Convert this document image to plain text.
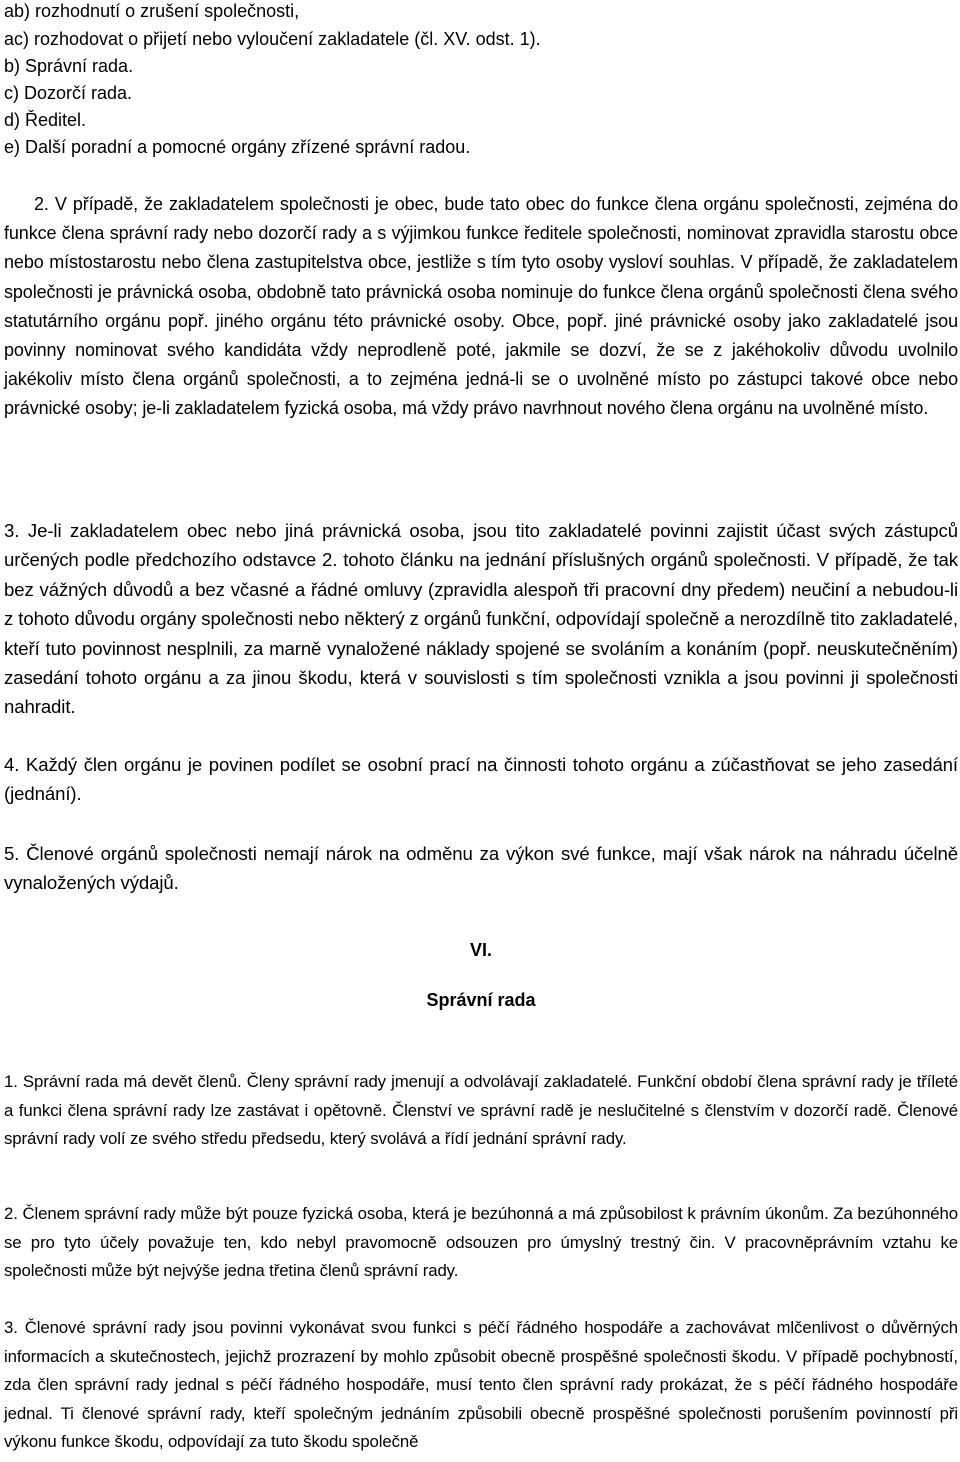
ab) rozhodnutí o zrušení společnosti,

ac) rozhodovat o přijetí nebo vyloučení zakladatele (čl. XV. odst. 1).

b) Správní rada.

c) Dozorčí rada.

d) Ředitel.

e) Další poradní a pomocné orgány zřízené správní radou.

2. V případě, že zakladatelem společnosti je obec, bude tato obec do funkce člena orgánu společnosti, zejména do funkce člena správní rady nebo dozorčí rady a s výjimkou funkce ředitele společnosti, nominovat zpravidla starostu obce nebo místostarostu nebo člena zastupitelstva obce, jestliže s tím tyto osoby vysloví souhlas. V případě, že zakladatelem společnosti je právnická osoba, obdobně tato právnická osoba nominuje do funkce člena orgánů společnosti člena svého statutárního orgánu popř. jiného orgánu této právnické osoby. Obce, popř. jiné právnické osoby jako zakladatelé jsou povinny nominovat svého kandidáta vždy neprodleně poté, jakmile se dozví, že se z jakéhokoliv důvodu uvolnilo jakékoliv místo člena orgánů společnosti, a to zejména jedná-li se o uvolněné místo po zástupci takové obce nebo právnické osoby; je-li zakladatelem fyzická osoba, má vždy právo navrhnout nového člena orgánu na uvolněné místo.

3. Je-li zakladatelem obec nebo jiná právnická osoba, jsou tito zakladatelé povinni zajistit účast svých zástupců určených podle předchozího odstavce 2. tohoto článku na jednání příslušných orgánů společnosti. V případě, že tak bez vážných důvodů a bez včasné a řádné omluvy (zpravidla alespoň tři pracovní dny předem) neučiní a nebudou-li z tohoto důvodu orgány společnosti nebo některý z orgánů funkční, odpovídají společně a nerozdílně tito zakladatelé, kteří tuto povinnost nesplnili, za marně vynaložené náklady spojené se svoláním a konáním (popř. neuskutečněním) zasedání tohoto orgánu a za jinou škodu, která v souvislosti s tím společnosti vznikla a jsou povinni ji společnosti nahradit.

4. Každý člen orgánu je povinen podílet se osobní prací na činnosti tohoto orgánu a zúčastňovat se jeho zasedání (jednání).

5. Členové orgánů společnosti nemají nárok na odměnu za výkon své funkce, mají však nárok na náhradu účelně vynaložených výdajů.

VI.

Správní rada

1. Správní rada má devět členů. Členy správní rady jmenují a odvolávají zakladatelé. Funkční období člena správní rady je tříleté a funkci člena správní rady lze zastávat i opětovně. Členství ve správní radě je neslučitelné s členstvím v dozorčí radě. Členové správní rady volí ze svého středu předsedu, který svolává a řídí jednání správní rady.

2. Členem správní rady může být pouze fyzická osoba, která je bezúhonná a má způsobilost k právním úkonům. Za bezúhonného se pro tyto účely považuje ten, kdo nebyl pravomocně odsouzen pro úmyslný trestný čin. V pracovněprávním vztahu ke společnosti může být nejvýše jedna třetina členů správní rady.

3. Členové správní rady jsou povinni vykonávat svou funkci s péčí řádného hospodáře a zachovávat mlčenlivost o důvěrných informacích a skutečnostech, jejichž prozrazení by mohlo způsobit obecně prospěšné společnosti škodu. V případě pochybností, zda člen správní rady jednal s péčí řádného hospodáře, musí tento člen správní rady prokázat, že s péčí řádného hospodáře jednal. Ti členové správní rady, kteří společným jednáním způsobili obecně prospěšné společnosti porušením povinností při výkonu funkce škodu, odpovídají za tuto škodu společně
